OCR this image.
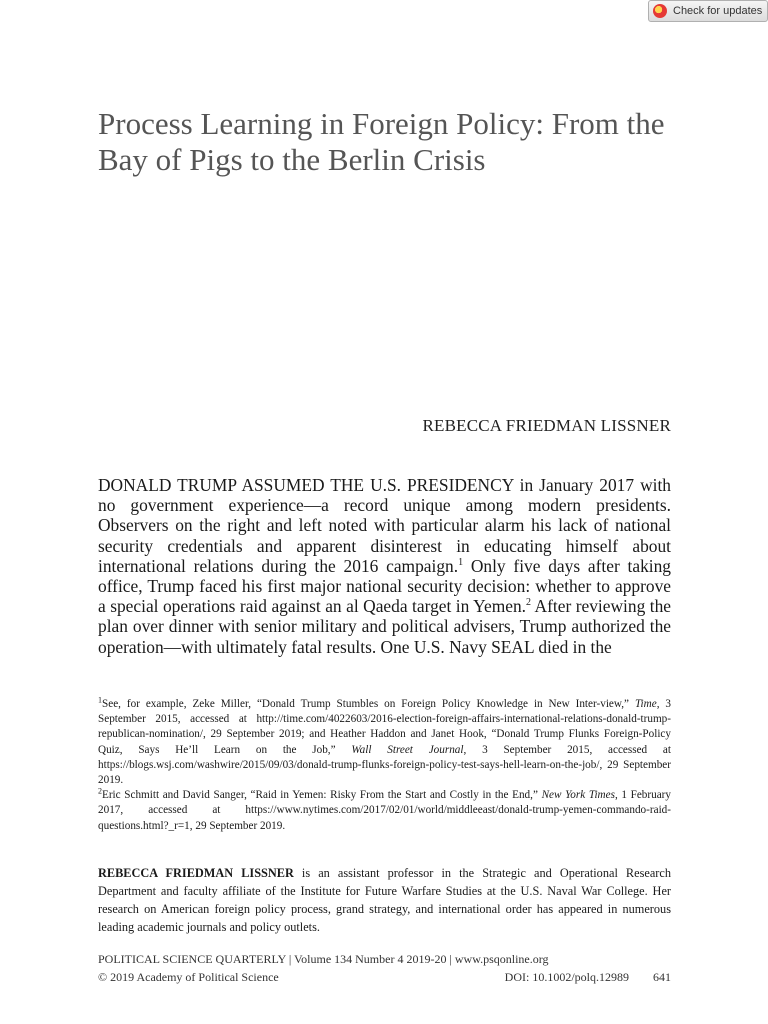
Check for updates
Process Learning in Foreign Policy: From the Bay of Pigs to the Berlin Crisis
REBECCA FRIEDMAN LISSNER

DONALD TRUMP ASSUMED THE U.S. PRESIDENCY in January 2017 with no government experience—a record unique among modern presidents. Observers on the right and left noted with particular alarm his lack of national security credentials and apparent disinterest in educating himself about international relations during the 2016 campaign.$^1$ Only five days after taking office, Trump faced his first major national security decision: whether to approve a special operations raid against an al Qaeda target in Yemen.$^2$ After reviewing the plan over dinner with senior military and political advisers, Trump authorized the operation—with ultimately fatal results. One U.S. Navy SEAL died in the

$^1$See, for example, Zeke Miller, “Donald Trump Stumbles on Foreign Policy Knowledge in New Inter-view,” Time, 3 September 2015, accessed at http://time.com/4022603/2016-election-foreign-affairs-international-relations-donald-trump-republican-nomination/, 29 September 2019; and Heather Haddon and Janet Hook, “Donald Trump Flunks Foreign-Policy Quiz, Says He’ll Learn on the Job,” Wall Street Journal, 3 September 2015, accessed at https://blogs.wsj.com/washwire/2015/09/03/donald-trump-flunks-foreign-policy-test-says-hell-learn-on-the-job/, 29 September 2019.

$^2$Eric Schmitt and David Sanger, “Raid in Yemen: Risky From the Start and Costly in the End,” New York Times, 1 February 2017, accessed at https://www.nytimes.com/2017/02/01/world/middleeast/donald-trump-yemen-commando-raid-questions.html?_r=1, 29 September 2019.

REBECCA FRIEDMAN LISSNER is an assistant professor in the Strategic and Operational Research Department and faculty affiliate of the Institute for Future Warfare Studies at the U.S. Naval War College. Her research on American foreign policy process, grand strategy, and international order has appeared in numerous leading academic journals and policy outlets.

POLITICAL SCIENCE QUARTERLY | Volume 134 Number 4 2019-20 | www.psqonline.org
© 2019 Academy of Political Science	DOI: 10.1002/polq.12989 641
